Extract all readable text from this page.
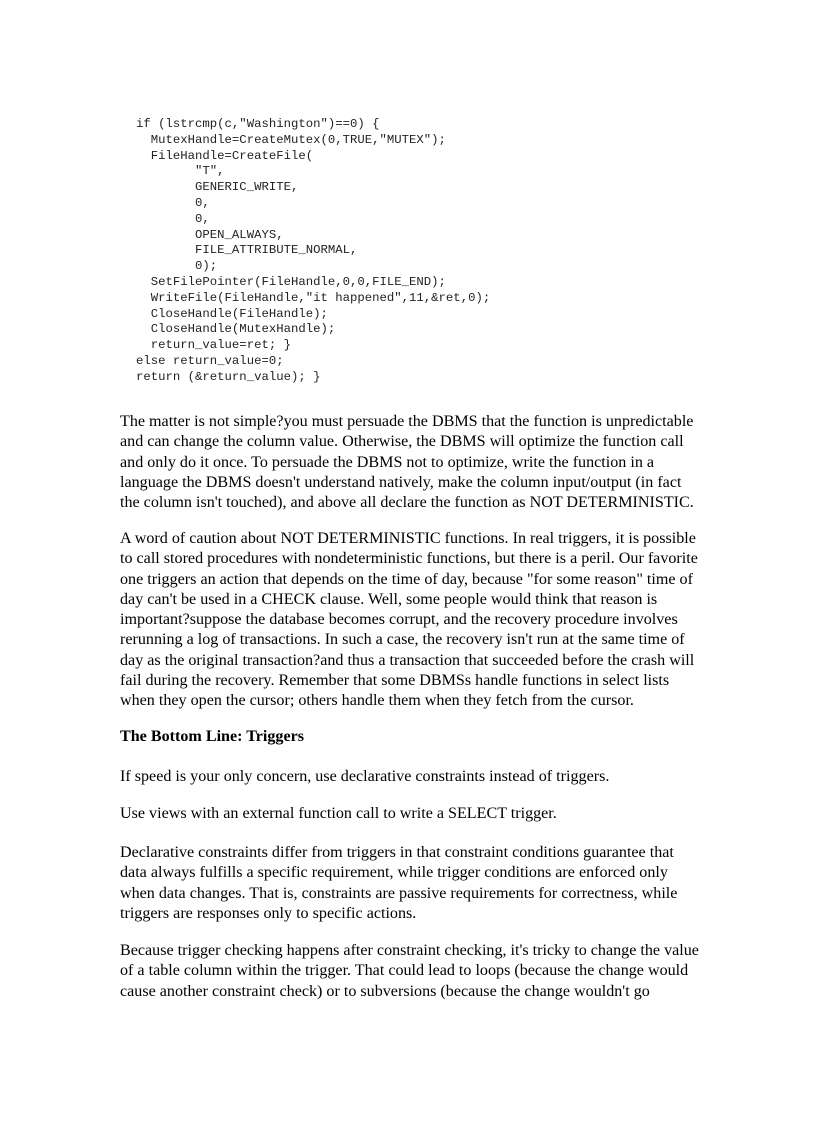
if (lstrcmp(c,"Washington")==0) {
MutexHandle=CreateMutex(0,TRUE,"MUTEX");
FileHandle=CreateFile(
"T",
GENERIC_WRITE,
0,
0,
OPEN_ALWAYS,
FILE_ATTRIBUTE_NORMAL,
0);
SetFilePointer(FileHandle,0,0,FILE_END);
WriteFile(FileHandle,"it happened",11,&ret,0);
CloseHandle(FileHandle);
CloseHandle(MutexHandle);
return_value=ret; }
else return_value=0;
return (&return_value); }

The matter is not simple?you must persuade the DBMS that the function is unpredictable and can change the column value. Otherwise, the DBMS will optimize the function call and only do it once. To persuade the DBMS not to optimize, write the function in a language the DBMS doesn't understand natively, make the column input/output (in fact the column isn't touched), and above all declare the function as NOT DETERMINISTIC.

A word of caution about NOT DETERMINISTIC functions. In real triggers, it is possible to call stored procedures with nondeterministic functions, but there is a peril. Our favorite one triggers an action that depends on the time of day, because "for some reason" time of day can't be used in a CHECK clause. Well, some people would think that reason is important?suppose the database becomes corrupt, and the recovery procedure involves rerunning a log of transactions. In such a case, the recovery isn't run at the same time of day as the original transaction?and thus a transaction that succeeded before the crash will fail during the recovery. Remember that some DBMSs handle functions in select lists when they open the cursor; others handle them when they fetch from the cursor.

The Bottom Line: Triggers

If speed is your only concern, use declarative constraints instead of triggers.

Use views with an external function call to write a SELECT trigger.

Declarative constraints differ from triggers in that constraint conditions guarantee that data always fulfills a specific requirement, while trigger conditions are enforced only when data changes. That is, constraints are passive requirements for correctness, while triggers are responses only to specific actions.

Because trigger checking happens after constraint checking, it's tricky to change the value of a table column within the trigger. That could lead to loops (because the change would cause another constraint check) or to subversions (because the change wouldn't go
